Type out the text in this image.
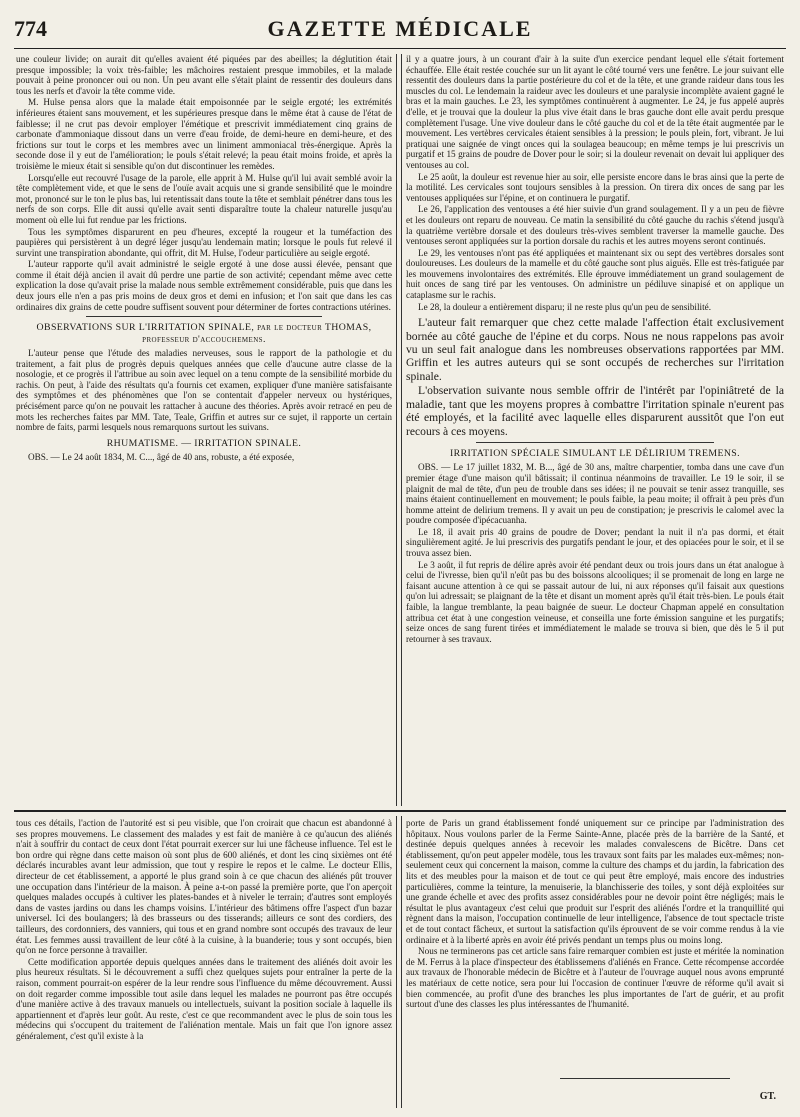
774	GAZETTE MÉDICALE

une couleur livide; on aurait dit qu'elles avaient été piquées par des abeilles; la déglutition était presque impossible; la voix très-faible; les mâchoires restaient presque immobiles, et la malade pouvait à peine prononcer oui ou non. Un peu avant elle s'était plaint de ressentir des douleurs dans tous les nerfs et d'avoir la tête comme vide.

M. Hulse pensa alors que la malade était empoisonnée par le seigle ergoté; les extrémités inférieures étaient sans mouvement, et les supérieures presque dans le même état à cause de l'état de faiblesse; il ne crut pas devoir employer l'émétique et prescrivit immédiatement cinq grains de carbonate d'ammoniaque dissout dans un verre d'eau froide, de demi-heure en demi-heure, et des frictions sur tout le corps et les membres avec un liniment ammoniacal très-énergique. Après la seconde dose il y eut de l'amélioration; le pouls s'était relevé; la peau était moins froide, et après la troisième le mieux était si sensible qu'on dut discontinuer les remèdes.

Lorsqu'elle eut recouvré l'usage de la parole, elle apprit à M. Hulse qu'il lui avait semblé avoir la tête complètement vide, et que le sens de l'ouïe avait acquis une si grande sensibilité que le moindre mot, prononcé sur le ton le plus bas, lui retentissait dans toute la tête et semblait pénétrer dans tous les nerfs de son corps. Elle dit aussi qu'elle avait senti disparaître toute la chaleur naturelle jusqu'au moment où elle lui fut rendue par les frictions.

Tous les symptômes disparurent en peu d'heures, excepté la rougeur et la tuméfaction des paupières qui persistèrent à un degré léger jusqu'au lendemain matin; lorsque le pouls fut relevé il survint une transpiration abondante, qui offrit, dit M. Hulse, l'odeur particulière au seigle ergoté.

L'auteur rapporte qu'il avait administré le seigle ergoté à une dose aussi élevée, pensant que comme il était déjà ancien il avait dû perdre une partie de son activité; cependant même avec cette explication la dose qu'avait prise la malade nous semble extrêmement considérable, puis que dans les deux jours elle n'en a pas pris moins de deux gros et demi en infusion; et l'on sait que dans les cas ordinaires dix grains de cette poudre suffisent souvent pour déterminer de fortes contractions utérines.

OBSERVATIONS SUR L'IRRITATION SPINALE, par le docteur THOMAS, professeur d'accouchemens.

L'auteur pense que l'étude des maladies nerveuses, sous le rapport de la pathologie et du traitement, a fait plus de progrès depuis quelques années que celle d'aucune autre classe de la nosologie, et ce progrès il l'attribue au soin avec lequel on a tenu compte de la sensibilité morbide du rachis. On peut, à l'aide des résultats qu'a fournis cet examen, expliquer d'une manière satisfaisante des symptômes et des phénomènes que l'on se contentait d'appeler nerveux ou hystériques, précisément parce qu'on ne pouvait les rattacher à aucune des théories. Après avoir retracé en peu de mots les recherches faites par MM. Tate, Teale, Griffin et autres sur ce sujet, il rapporte un certain nombre de faits, parmi lesquels nous remarquons surtout les suivans.

RHUMATISME. — IRRITATION SPINALE.

OBS. — Le 24 août 1834, M. C..., âgé de 40 ans, robuste, a été exposée,

il y a quatre jours, à un courant d'air à la suite d'un exercice pendant lequel elle s'était fortement échauffée. Elle était restée couchée sur un lit ayant le côté tourné vers une fenêtre. Le jour suivant elle ressentit des douleurs dans la partie postérieure du col et de la tête, et une grande raideur dans tous les muscles du col. Le lendemain la raideur avec les douleurs et une paralysie incomplète avaient gagné le bras et la main gauches. Le 23, les symptômes continuèrent à augmenter. Le 24, je fus appelé auprès d'elle, et je trouvai que la douleur la plus vive était dans le bras gauche dont elle avait perdu presque complètement l'usage. Une vive douleur dans le côté gauche du col et de la tête était augmentée par le mouvement. Les vertèbres cervicales étaient sensibles à la pression; le pouls plein, fort, vibrant. Je lui pratiquai une saignée de vingt onces qui la soulagea beaucoup; en même temps je lui prescrivis un purgatif et 15 grains de poudre de Dover pour le soir; si la douleur revenait on devait lui appliquer des ventouses au col.

Le 25 août, la douleur est revenue hier au soir, elle persiste encore dans le bras ainsi que la perte de la motilité. Les cervicales sont toujours sensibles à la pression. On tirera dix onces de sang par les ventouses appliquées sur l'épine, et on continuera le purgatif.

Le 26, l'application des ventouses a été hier suivie d'un grand soulagement. Il y a un peu de fièvre et les douleurs ont reparu de nouveau. Ce matin la sensibilité du côté gauche du rachis s'étend jusqu'à la quatrième vertèbre dorsale et des douleurs très-vives semblent traverser la mamelle gauche. Des ventouses seront appliquées sur la portion dorsale du rachis et les autres moyens seront continués.

Le 29, les ventouses n'ont pas été appliquées et maintenant six ou sept des vertèbres dorsales sont douloureuses. Les douleurs de la mamelle et du côté gauche sont plus aiguës. Elle est très-fatiguée par les mouvemens involontaires des extrémités. Elle éprouve immédiatement un grand soulagement de huit onces de sang tiré par les ventouses. On administre un pédiluve sinapisé et on applique un cataplasme sur le rachis.

Le 28, la douleur a entièrement disparu; il ne reste plus qu'un peu de sensibilité.

L'auteur fait remarquer que chez cette malade l'affection était exclusivement bornée au côté gauche de l'épine et du corps. Nous ne nous rappelons pas avoir vu un seul fait analogue dans les nombreuses observations rapportées par MM. Griffin et les autres auteurs qui se sont occupés de recherches sur l'irritation spinale.

L'observation suivante nous semble offrir de l'intérêt par l'opiniâtreté de la maladie, tant que les moyens propres à combattre l'irritation spinale n'eurent pas été employés, et la facilité avec laquelle elles disparurent aussitôt que l'on eut recours à ces moyens.

IRRITATION SPÉCIALE SIMULANT LE DÉLIRIUM TREMENS.

OBS. — Le 17 juillet 1832, M. B..., âgé de 30 ans, maître charpentier, tomba dans une cave d'un premier étage d'une maison qu'il bâtissait; il continua néanmoins de travailler. Le 19 le soir, il se plaignit de mal de tête, d'un peu de trouble dans ses idées; il ne pouvait se tenir assez tranquille, ses mains étaient continuellement en mouvement; le pouls faible, la peau moite; il offrait à peu près d'un homme atteint de delirium tremens. Il y avait un peu de constipation; je prescrivis le calomel avec la poudre composée d'ipécacuanha.

Le 18, il avait pris 40 grains de poudre de Dover; pendant la nuit il n'a pas dormi, et était singulièrement agité. Je lui prescrivis des purgatifs pendant le jour, et des opiacées pour le soir, et il se trouva assez bien.

Le 3 août, il fut repris de délire après avoir été pendant deux ou trois jours dans un état analogue à celui de l'ivresse, bien qu'il n'eût pas bu des boissons alcooliques; il se promenait de long en large ne faisant aucune attention à ce qui se passait autour de lui, ni aux réponses qu'il faisait aux questions qu'on lui adressait; se plaignant de la tête et disant un moment après qu'il était très-bien. Le pouls était faible, la langue tremblante, la peau baignée de sueur. Le docteur Chapman appelé en consultation attribua cet état à une congestion veineuse, et conseilla une forte émission sanguine et les purgatifs; seize onces de sang furent tirées et immédiatement le malade se trouva si bien, que dès le 5 il put retourner à ses travaux.

tous ces détails, l'action de l'autorité est si peu visible, que l'on croirait que chacun est abandonné à ses propres mouvemens. Le classement des malades y est fait de manière à ce qu'aucun des aliénés n'ait à souffrir du contact de ceux dont l'état pourrait exercer sur lui une fâcheuse influence. Tel est le bon ordre qui règne dans cette maison où sont plus de 600 aliénés, et dont les cinq sixièmes ont été déclarés incurables avant leur admission, que tout y respire le repos et le calme. Le docteur Ellis, directeur de cet établissement, a apporté le plus grand soin à ce que chacun des aliénés pût trouver une occupation dans l'intérieur de la maison. À peine a-t-on passé la première porte, que l'on aperçoit quelques malades occupés à cultiver les plates-bandes et à niveler le terrain; d'autres sont employés dans de vastes jardins ou dans les champs voisins. L'intérieur des bâtimens offre l'aspect d'un bazar universel. Ici des boulangers; là des brasseurs ou des tisserands; ailleurs ce sont des cordiers, des tailleurs, des cordonniers, des vanniers, qui tous et en grand nombre sont occupés des travaux de leur état. Les femmes aussi travaillent de leur côté à la cuisine, à la buanderie; tous y sont occupés, bien qu'on ne force personne à travailler.

Cette modification apportée depuis quelques années dans le traitement des aliénés doit avoir les plus heureux résultats. Si le découvrement a suffi chez quelques sujets pour entraîner la perte de la raison, comment pourrait-on espérer de la leur rendre sous l'influence du même découvrement. Aussi on doit regarder comme impossible tout asile dans lequel les malades ne pourront pas être occupés d'une manière active à des travaux manuels ou intellectuels, suivant la position sociale à laquelle ils appartiennent et d'après leur goût. Au reste, c'est ce que recommandent avec le plus de soin tous les médecins qui s'occupent du traitement de l'aliénation mentale. Mais un fait que l'on ignore assez généralement, c'est qu'il existe à la

porte de Paris un grand établissement fondé uniquement sur ce principe par l'administration des hôpitaux. Nous voulons parler de la Ferme Sainte-Anne, placée près de la barrière de la Santé, et destinée depuis quelques années à recevoir les malades convalescens de Bicêtre. Dans cet établissement, qu'on peut appeler modèle, tous les travaux sont faits par les malades eux-mêmes; non-seulement ceux qui concernent la maison, comme la culture des champs et du jardin, la fabrication des lits et des meubles pour la maison et de tout ce qui peut être employé, mais encore des industries particulières, comme la teinture, la menuiserie, la blanchisserie des toiles, y sont déjà exploitées sur une grande échelle et avec des profits assez considérables pour ne devoir point être négligés; mais le résultat le plus avantageux c'est celui que produit sur l'esprit des aliénés l'ordre et la tranquillité qui règnent dans la maison, l'occupation continuelle de leur intelligence, l'absence de tout spectacle triste et de tout contact fâcheux, et surtout la satisfaction qu'ils éprouvent de se voir comme rendus à la vie ordinaire et à la liberté après en avoir été privés pendant un temps plus ou moins long.

Nous ne terminerons pas cet article sans faire remarquer combien est juste et méritée la nomination de M. Ferrus à la place d'inspecteur des établissemens d'aliénés en France. Cette récompense accordée aux travaux de l'honorable médecin de Bicêtre et à l'auteur de l'ouvrage auquel nous avons emprunté les matériaux de cette notice, sera pour lui l'occasion de continuer l'œuvre de réforme qu'il avait si bien commencée, au profit d'une des branches les plus importantes de l'art de guérir, et au profit surtout d'une des classes les plus intéressantes de l'humanité.

GT.
